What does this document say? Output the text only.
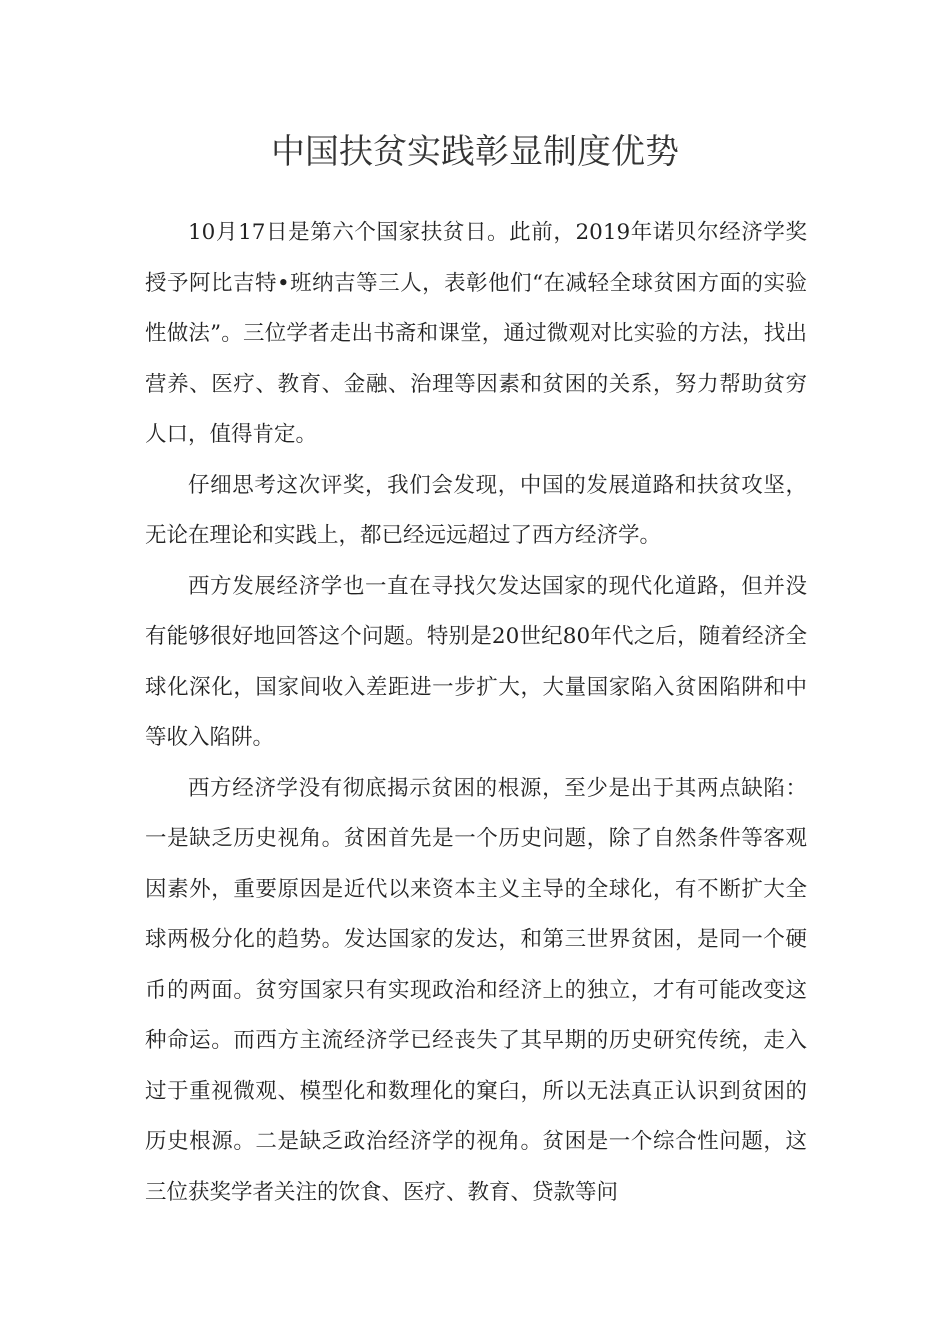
中国扶贫实践彰显制度优势

10月17日是第六个国家扶贫日。此前，2019年诺贝尔经济学奖授予阿比吉特•班纳吉等三人，表彰他们“在减轻全球贫困方面的实验性做法”。三位学者走出书斋和课堂，通过微观对比实验的方法，找出营养、医疗、教育、金融、治理等因素和贫困的关系，努力帮助贫穷人口，值得肯定。

仔细思考这次评奖，我们会发现，中国的发展道路和扶贫攻坚，无论在理论和实践上，都已经远远超过了西方经济学。

西方发展经济学也一直在寻找欠发达国家的现代化道路，但并没有能够很好地回答这个问题。特别是20世纪80年代之后，随着经济全球化深化，国家间收入差距进一步扩大，大量国家陷入贫困陷阱和中等收入陷阱。

西方经济学没有彻底揭示贫困的根源，至少是出于其两点缺陷：一是缺乏历史视角。贫困首先是一个历史问题，除了自然条件等客观因素外，重要原因是近代以来资本主义主导的全球化，有不断扩大全球两极分化的趋势。发达国家的发达，和第三世界贫困，是同一个硬币的两面。贫穷国家只有实现政治和经济上的独立，才有可能改变这种命运。而西方主流经济学已经丧失了其早期的历史研究传统，走入过于重视微观、模型化和数理化的窠臼，所以无法真正认识到贫困的历史根源。二是缺乏政治经济学的视角。贫困是一个综合性问题，这三位获奖学者关注的饮食、医疗、教育、贷款等问
